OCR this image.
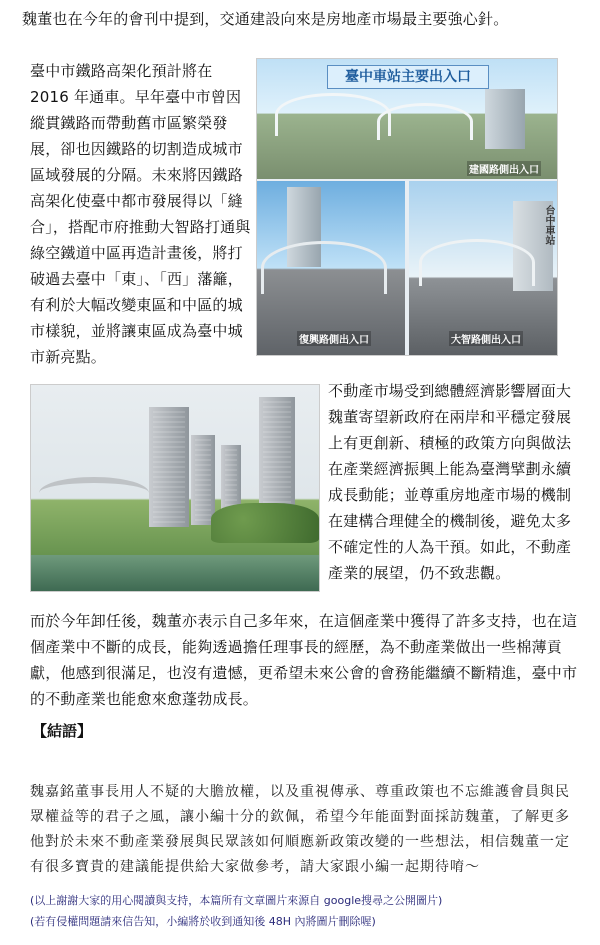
魏董也在今年的會刊中提到，交通建設向來是房地產市場最主要強心針。

臺中市鐵路高架化預計將在 2016 年通車。早年臺中市曾因縱貫鐵路而帶動舊市區繁榮發展，卻也因鐵路的切割造成城市區域發展的分隔。未來將因鐵路高架化使臺中都市發展得以「縫合」，搭配市府推動大智路打通與綠空鐵道中區再造計畫後，將打破過去臺中「東」、「西」藩籬，有利於大幅改變東區和中區的城市樣貌，並將讓東區成為臺中城市新亮點。

臺中車站主要出入口
建國路側出入口
復興路側出入口
台中車站
大智路側出入口

不動產市場受到總體經濟影響層面大魏董寄望新政府在兩岸和平穩定發展上有更創新、積極的政策方向與做法在產業經濟振興上能為臺灣擘劃永續成長動能；並尊重房地產市場的機制在建構合理健全的機制後，避免太多不確定性的人為干預。如此，不動產產業的展望，仍不致悲觀。

而於今年卸任後，魏董亦表示自己多年來，在這個產業中獲得了許多支持，也在這個產業中不斷的成長，能夠透過擔任理事長的經歷，為不動產業做出一些棉薄貢獻，他感到很滿足，也沒有遺憾，更希望未來公會的會務能繼續不斷精進，臺中市的不動產業也能愈來愈蓬勃成長。

【結語】

魏嘉銘董事長用人不疑的大膽放權，以及重視傳承、尊重政策也不忘維護會員與民眾權益等的君子之風，讓小編十分的欽佩，希望今年能面對面採訪魏董，了解更多他對於未來不動產業發展與民眾該如何順應新政策改變的一些想法，相信魏董一定有很多寶貴的建議能提供給大家做參考，請大家跟小編一起期待唷～

(以上謝謝大家的用心閱讀與支持，本篇所有文章圖片來源自 google搜尋之公開圖片)
(若有侵權問題請來信告知，小編將於收到通知後 48H 內將圖片刪除喔)
